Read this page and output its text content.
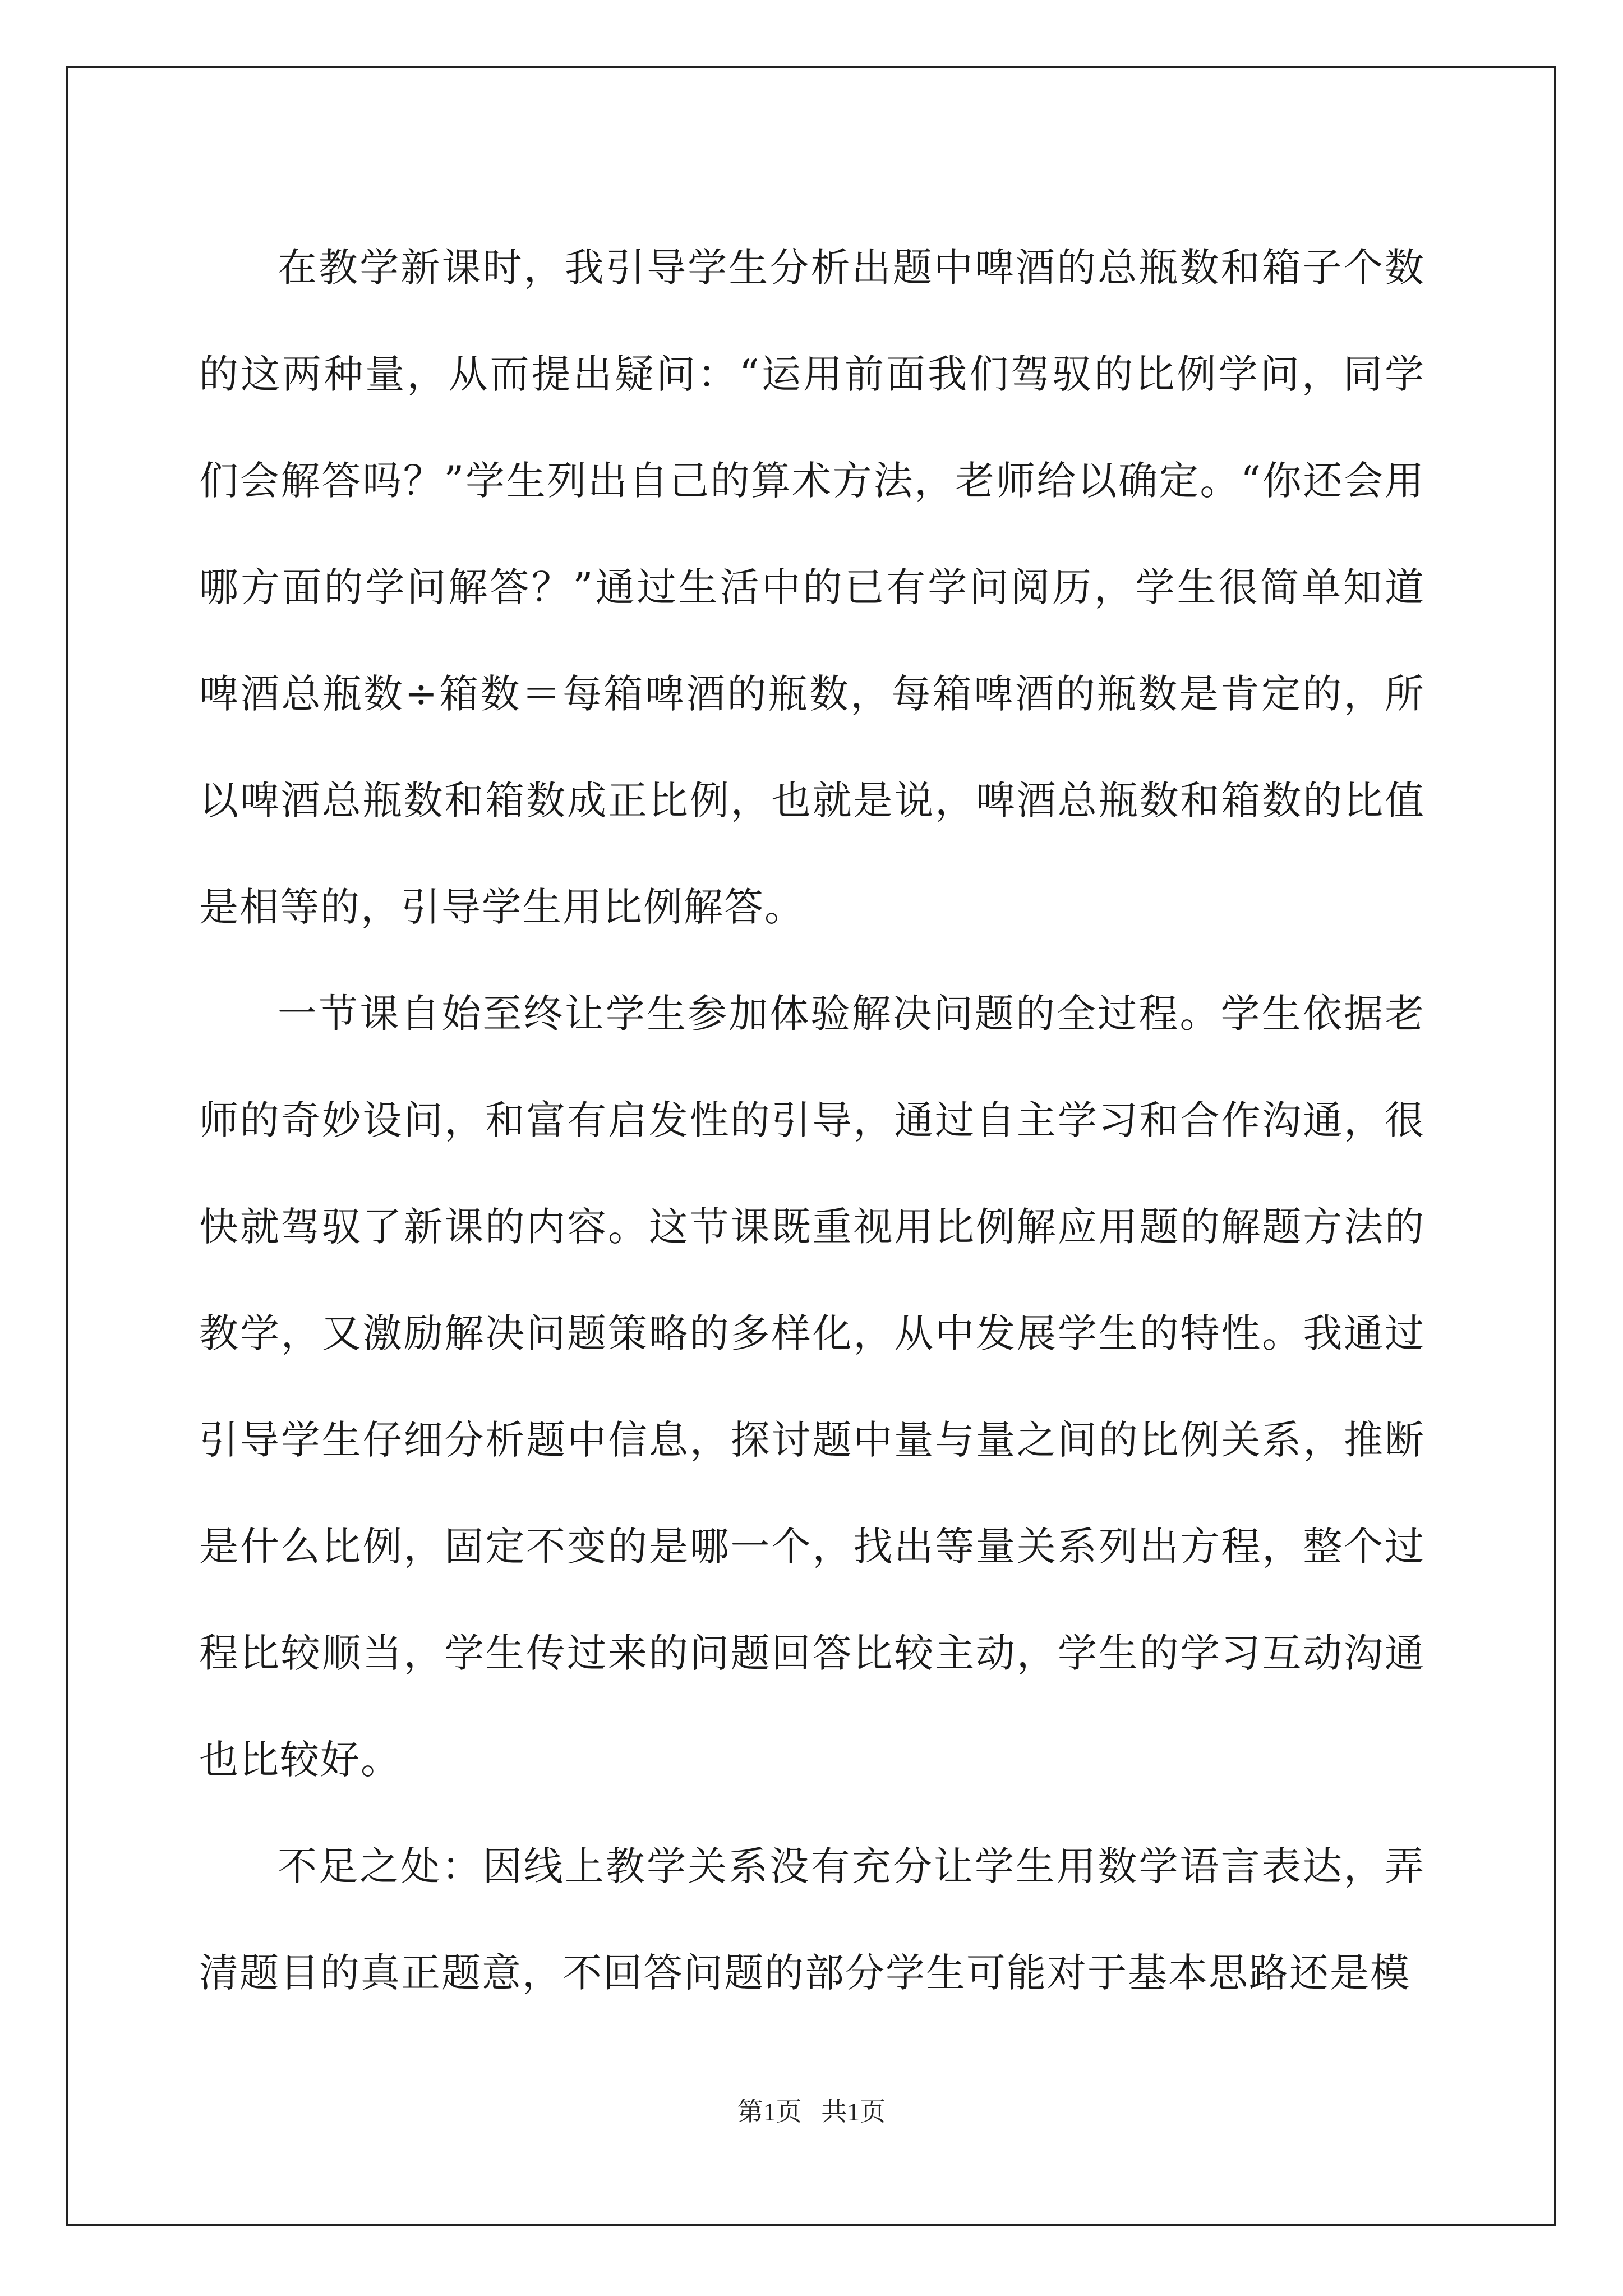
在教学新课时，我引导学生分析出题中啤酒的总瓶数和箱子个数的这两种量，从而提出疑问：“运用前面我们驾驭的比例学问，同学们会解答吗？”学生列出自己的算术方法，老师给以确定。“你还会用哪方面的学问解答？”通过生活中的已有学问阅历，学生很简单知道啤酒总瓶数÷箱数＝每箱啤酒的瓶数，每箱啤酒的瓶数是肯定的，所以啤酒总瓶数和箱数成正比例，也就是说，啤酒总瓶数和箱数的比值是相等的，引导学生用比例解答。

一节课自始至终让学生参加体验解决问题的全过程。学生依据老师的奇妙设问，和富有启发性的引导，通过自主学习和合作沟通，很快就驾驭了新课的内容。这节课既重视用比例解应用题的解题方法的教学，又激励解决问题策略的多样化，从中发展学生的特性。我通过引导学生仔细分析题中信息，探讨题中量与量之间的比例关系，推断是什么比例，固定不变的是哪一个，找出等量关系列出方程，整个过程比较顺当，学生传过来的问题回答比较主动，学生的学习互动沟通也比较好。

不足之处：因线上教学关系没有充分让学生用数学语言表达，弄清题目的真正题意，不回答问题的部分学生可能对于基本思路还是模

第1页   共1页
